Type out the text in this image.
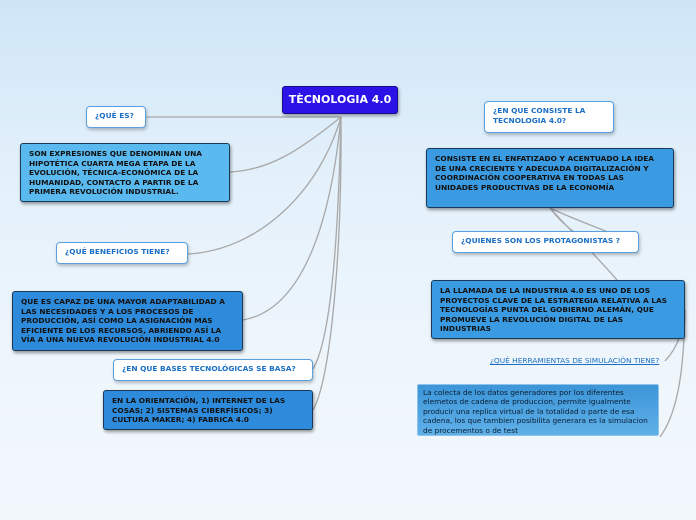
TÈCNOLOGIA 4.0
¿QUÉ ES?
SON EXPRESIONES QUE DENOMINAN UNA HIPOTÉTICA CUARTA MEGA ETAPA DE LA EVOLUCIÓN, TÉCNICA-ECONÓMICA DE LA HUMANIDAD, CONTACTO A PARTIR DE LA PRIMERA REVOLUCIÓN INDUSTRIAL.
¿QUÉ BENEFICIOS TIENE?
QUE ES CAPAZ DE UNA MAYOR ADAPTABILIDAD A LAS NECESIDADES Y A LOS PROCESOS DE PRODUCCIÓN, ASÍ COMO LA ASIGNACIÓN MAS EFICIENTE DE LOS RECURSOS, ABRIENDO ASÍ LA VÍA A UNA NUEVA REVOLUCIÓN INDUSTRIAL 4.0
¿EN QUE BASES TECNOLÓGICAS SE BASA?
EN LA ORIENTACIÓN, 1) INTERNET DE LAS COSAS; 2) SISTEMAS CIBERFÍSICOS; 3) CULTURA MAKER; 4) FABRICA 4.0
¿EN QUE CONSISTE LA TECNOLOGIA 4.0?
CONSISTE EN EL ENFATIZADO Y ACENTUADO LA IDEA DE UNA CRECIENTE Y ADECUADA DIGITALIZACIÓN Y COORDINACIÓN COOPERATIVA EN TODAS LAS UNIDADES PRODUCTIVAS DE LA ECONOMÍA
¿QUIENES SON LOS PROTAGONISTAS ?
LA LLAMADA DE LA INDUSTRIA 4.0 ES UNO DE LOS PROYECTOS CLAVE DE LA ESTRATEGIA RELATIVA A LAS TECNOLOGÍAS PUNTA DEL GOBIERNO ALEMÁN, QUE PROMUEVE LA REVOLUCIÓN DIGITAL DE LAS INDUSTRIAS
¿QUÉ HERRAMIENTAS DE SIMULACIÓN TIENE?
La colecta de los datos generadores por los diferentes elemetos de cadena de produccion, permite igualmente producir una replica virtual de la totalidad o parte de esa cadena, los que tambien posibilita generara es la simulacion de procementos o de test
